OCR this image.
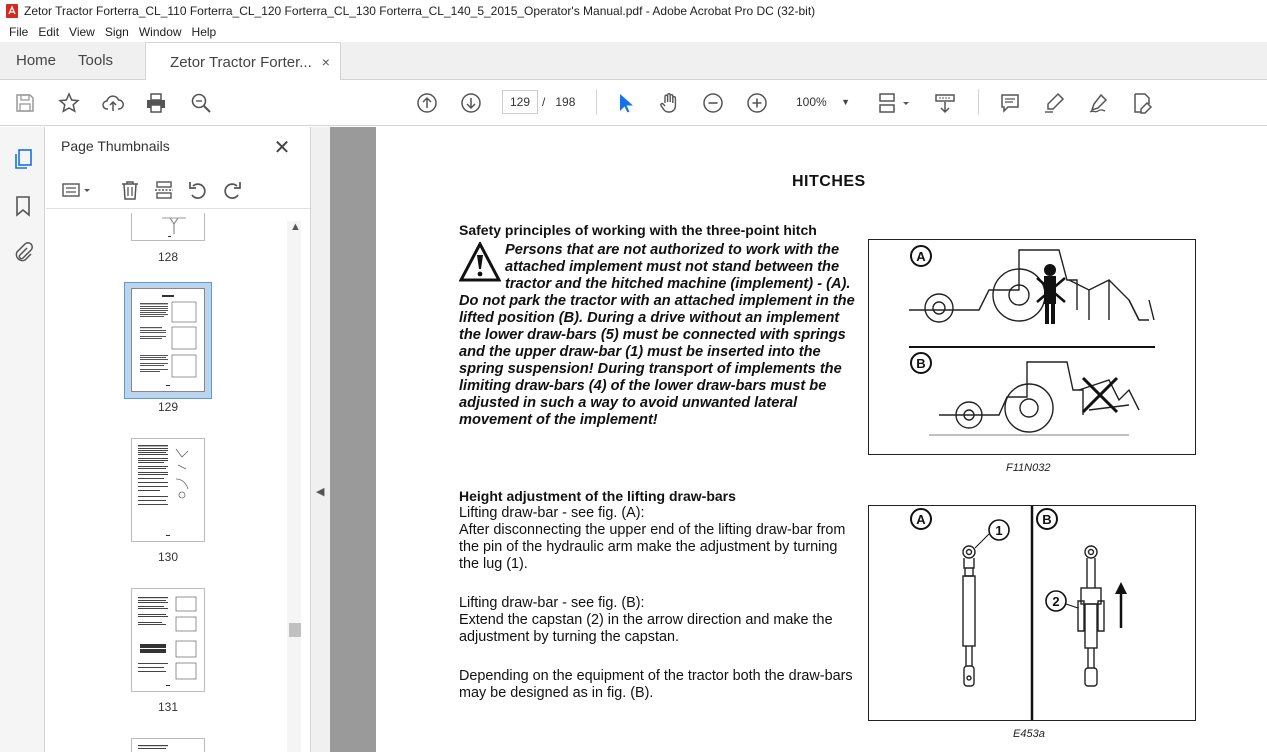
Zetor Tractor Forterra_CL_110 Forterra_CL_120 Forterra_CL_130 Forterra_CL_140_5_2015_Operator's Manual.pdf - Adobe Acrobat Pro DC (32-bit)
File Edit View Sign Window Help
Home	Tools	Zetor Tractor Forter... ×
129 / 198	100% ▼
Page Thumbnails	✕
128
129
130
131
▲
◀
HITCHES
Safety principles of working with the three-point hitch
Persons that are not authorized to work with the attached implement must not stand between the tractor and the hitched machine (implement) - (A). Do not park the tractor with an attached implement in the lifted position (B). During a drive without an implement the lower draw-bars (5) must be connected with springs and the upper draw-bar (1) must be inserted into the spring suspension! During transport of implements the limiting draw-bars (4) of the lower draw-bars must be adjusted in such a way to avoid unwanted lateral movement of the implement!
A
B
F11N032
Height adjustment of the lifting draw-bars
Lifting draw-bar - see fig. (A):
After disconnecting the upper end of the lifting draw-bar from the pin of the hydraulic arm make the adjustment by turning the lug (1).
Lifting draw-bar - see fig. (B):
Extend the capstan (2) in the arrow direction and make the adjustment by turning the capstan.
Depending on the equipment of the tractor both the draw-bars may be designed as in fig. (B).
A	B
1
2
E453a
